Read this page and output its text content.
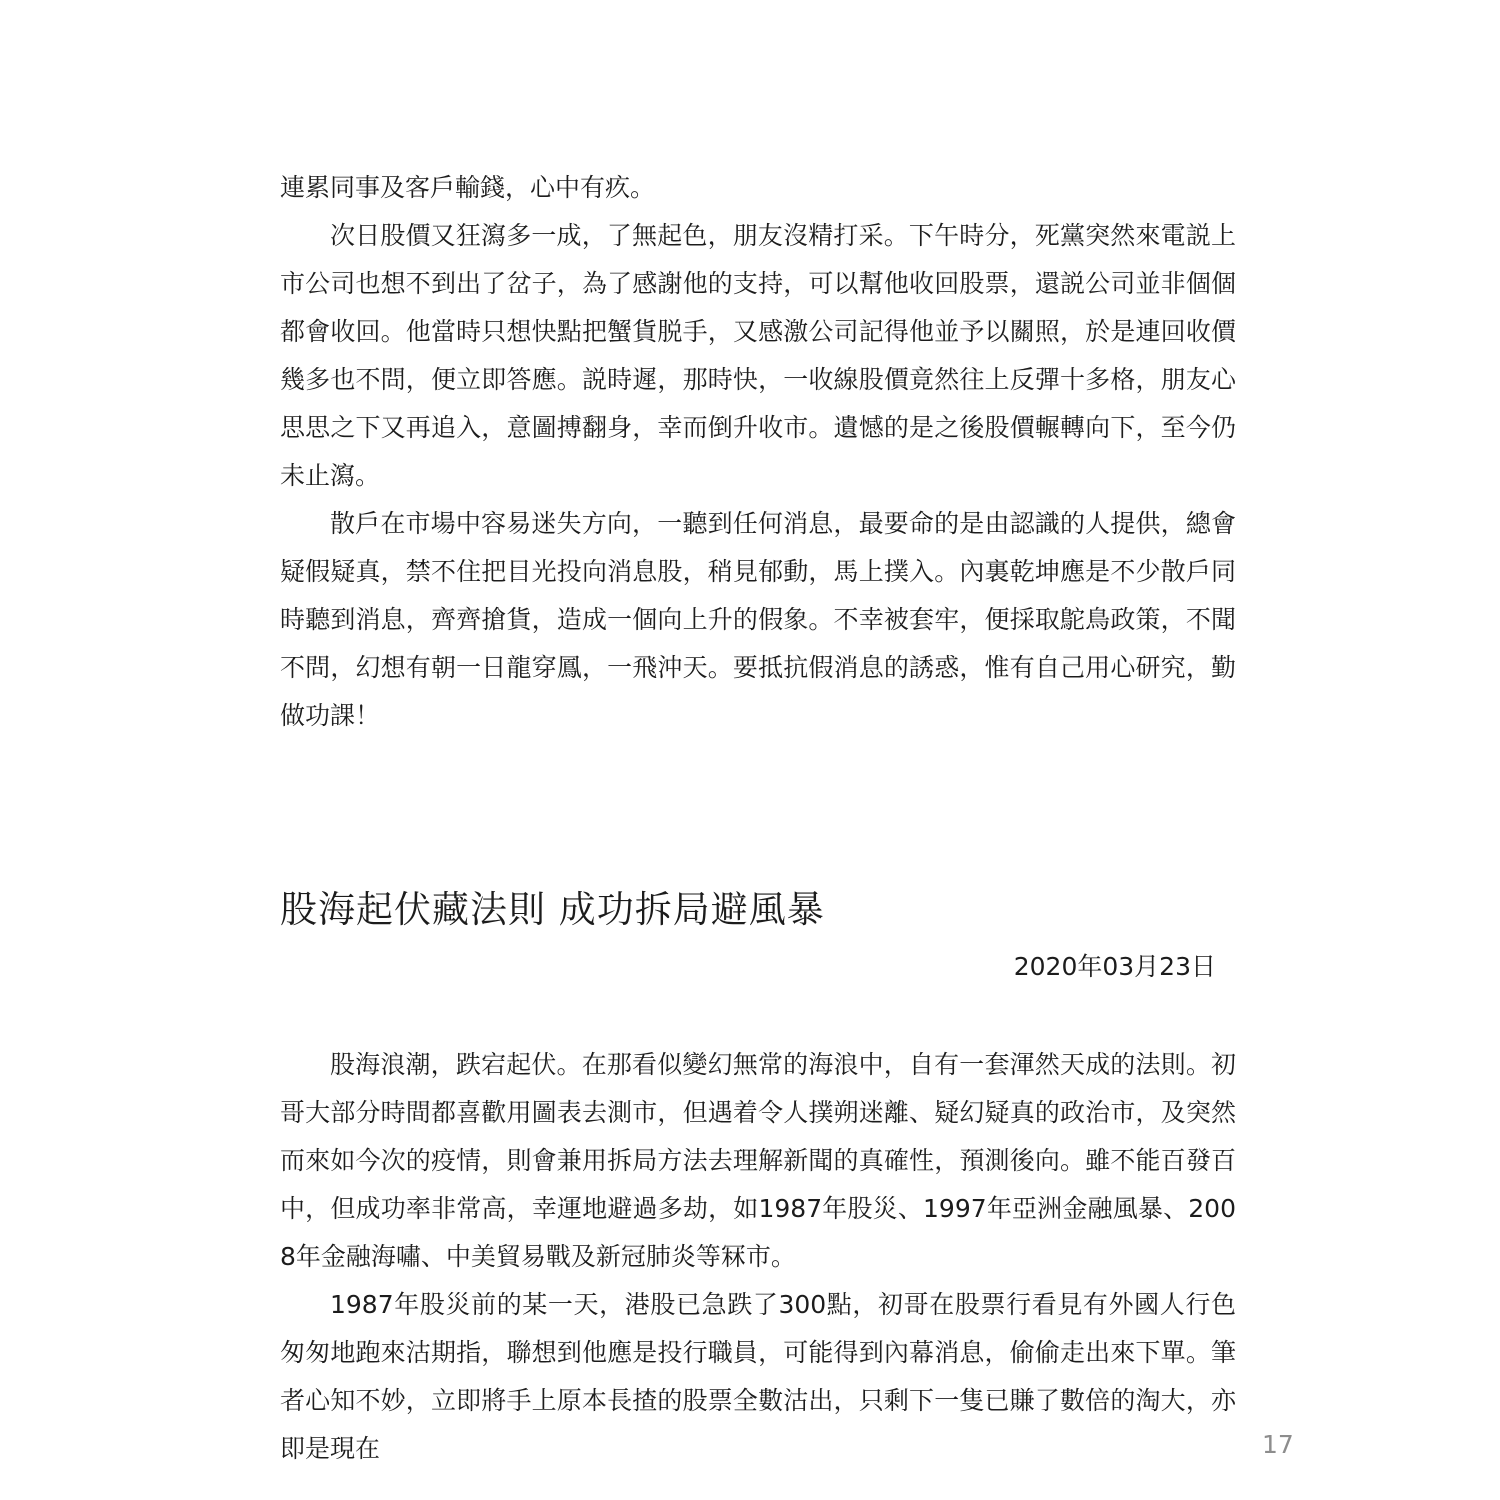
連累同事及客戶輸錢，心中有疚。

次日股價又狂瀉多一成，了無起色，朋友沒精打采。下午時分，死黨突然來電説上市公司也想不到出了岔子，為了感謝他的支持，可以幫他收回股票，還説公司並非個個都會收回。他當時只想快點把蟹貨脱手，又感激公司記得他並予以關照，於是連回收價幾多也不問，便立即答應。説時遲，那時快，一收線股價竟然往上反彈十多格，朋友心思思之下又再追入，意圖搏翻身，幸而倒升收市。遺憾的是之後股價輾轉向下，至今仍未止瀉。

散戶在市場中容易迷失方向，一聽到任何消息，最要命的是由認識的人提供，總會疑假疑真，禁不住把目光投向消息股，稍見郁動，馬上撲入。內裏乾坤應是不少散戶同時聽到消息，齊齊搶貨，造成一個向上升的假象。不幸被套牢，便採取鴕鳥政策，不聞不問，幻想有朝一日龍穿鳳，一飛沖天。要抵抗假消息的誘惑，惟有自己用心研究，勤做功課！

股海起伏藏法則 成功拆局避風暴
2020年03月23日

股海浪潮，跌宕起伏。在那看似變幻無常的海浪中，自有一套渾然天成的法則。初哥大部分時間都喜歡用圖表去測市，但遇着令人撲朔迷離、疑幻疑真的政治市，及突然而來如今次的疫情，則會兼用拆局方法去理解新聞的真確性，預測後向。雖不能百發百中，但成功率非常高，幸運地避過多劫，如1987年股災、1997年亞洲金融風暴、2008年金融海嘯、中美貿易戰及新冠肺炎等冧市。

1987年股災前的某一天，港股已急跌了300點，初哥在股票行看見有外國人行色匆匆地跑來沽期指，聯想到他應是投行職員，可能得到內幕消息，偷偷走出來下單。筆者心知不妙，立即將手上原本長揸的股票全數沽出，只剩下一隻已賺了數倍的淘大，亦即是現在	17
